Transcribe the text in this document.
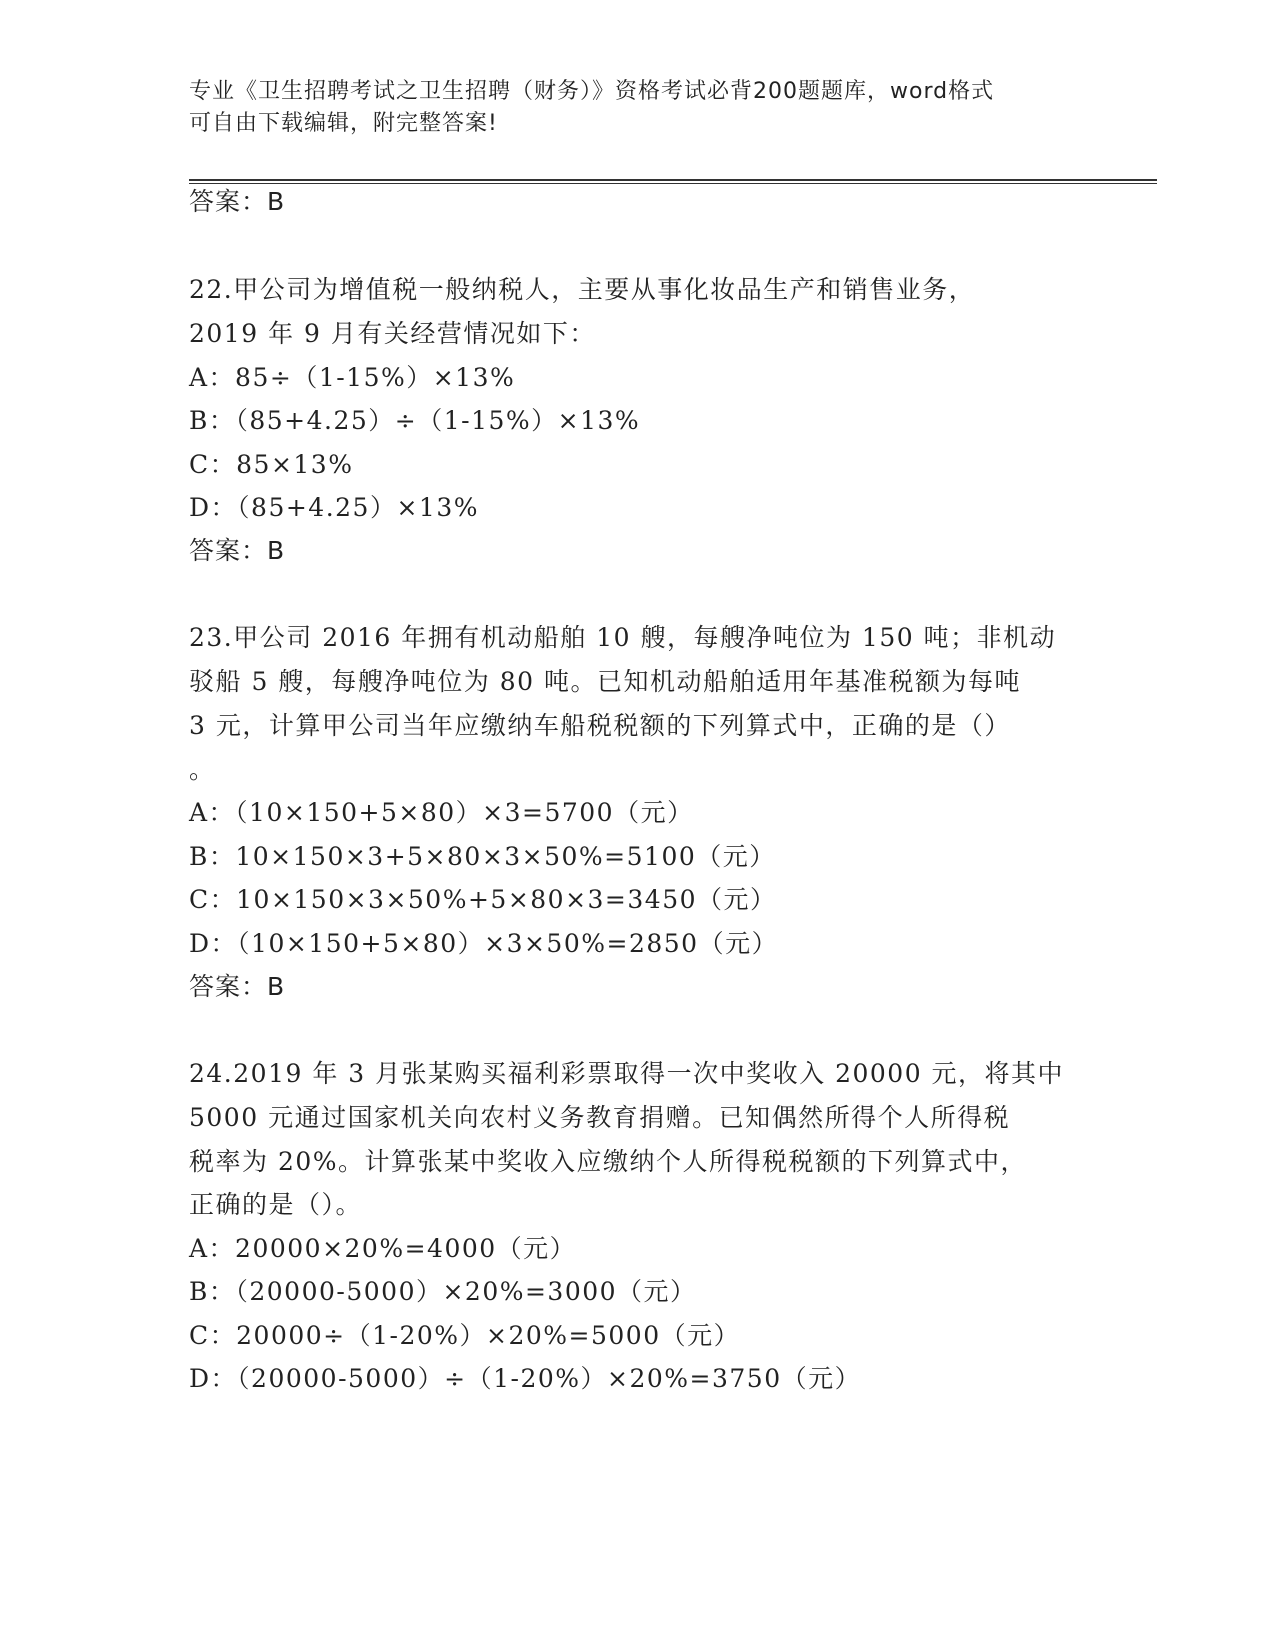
专业《卫生招聘考试之卫生招聘（财务）》资格考试必背200题题库，word格式
可自由下载编辑，附完整答案!
答案：B
22.甲公司为增值税一般纳税人，主要从事化妆品生产和销售业务，
2019 年 9 月有关经营情况如下：
A：85÷（1-15%）×13%
B：（85+4.25）÷（1-15%）×13%
C：85×13%
D：（85+4.25）×13%
答案：B
23.甲公司 2016 年拥有机动船舶 10 艘，每艘净吨位为 150 吨；非机动
驳船 5 艘，每艘净吨位为 80 吨。已知机动船舶适用年基准税额为每吨
3 元，计算甲公司当年应缴纳车船税税额的下列算式中，正确的是（）
。
A：（10×150+5×80）×3=5700（元）
B：10×150×3+5×80×3×50%=5100（元）
C：10×150×3×50%+5×80×3=3450（元）
D：（10×150+5×80）×3×50%=2850（元）
答案：B
24.2019 年 3 月张某购买福利彩票取得一次中奖收入 20000 元，将其中
5000 元通过国家机关向农村义务教育捐赠。已知偶然所得个人所得税
税率为 20%。计算张某中奖收入应缴纳个人所得税税额的下列算式中，
正确的是（）。
A：20000×20%=4000（元）
B：（20000-5000）×20%=3000（元）
C：20000÷（1-20%）×20%=5000（元）
D：（20000-5000）÷（1-20%）×20%=3750（元）
